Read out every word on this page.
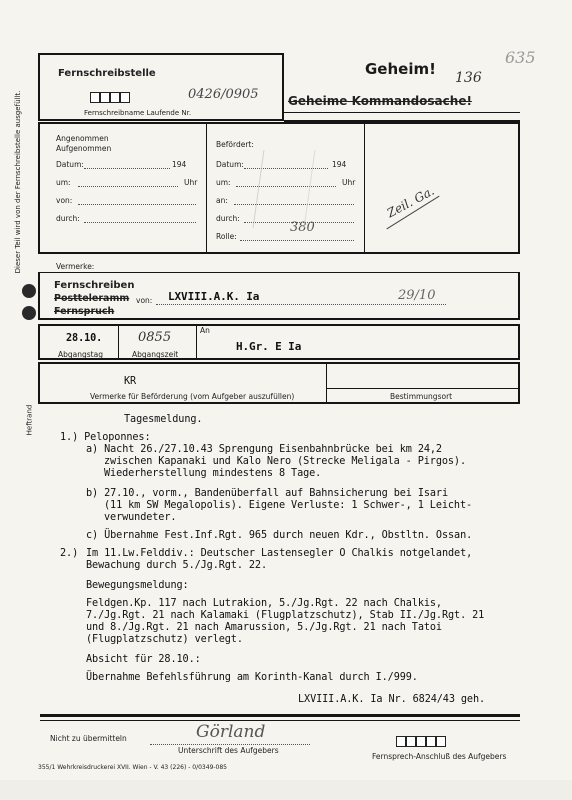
Dieser Teil wird von der Fernschreibstelle ausgefüllt.
Fernschreibstelle
0426/0905
Fernschreibname Laufende Nr.
Geheim! 136
635
Geheime Kommandosache!
Angenommen
Aufgenommen
Datum:	194
um:	Uhr
von:
durch:
Befördert:
Datum:	194
um:	Uhr
an:
durch:
Rolle:
380
Zeil. Ga.
Vermerke:
Fernschreiben
Postteleramm
Fernspruch
von: LXVIII.A.K. Ia	29/10
28.10.
Abgangstag
0855
Abgangszeit
An
H.Gr. E Ia
KR
Vermerke für Beförderung (vom Aufgeber auszufüllen)	Bestimmungsort
Heftrand	Tagesmeldung.
1.) Peloponnes:
a) Nacht 26./27.10.43 Sprengung Eisenbahnbrücke bei km 24,2
zwischen Kapanaki und Kalo Nero (Strecke Meligala - Pirgos).
Wiederherstellung mindestens 8 Tage.
b) 27.10., vorm., Bandenüberfall auf Bahnsicherung bei Isari
(11 km SW Megalopolis). Eigene Verluste: 1 Schwer-, 1 Leicht-
verwundeter.
c) Übernahme Fest.Inf.Rgt. 965 durch neuen Kdr., Obstltn. Ossan.
2.) Im 11.Lw.Felddiv.: Deutscher Lastensegler O Chalkis notgelandet,
Bewachung durch 5./Jg.Rgt. 22.
Bewegungsmeldung:
Feldgen.Kp. 117 nach Lutrakion, 5./Jg.Rgt. 22 nach Chalkis,
7./Jg.Rgt. 21 nach Kalamaki (Flugplatzschutz), Stab II./Jg.Rgt. 21
und 8./Jg.Rgt. 21 nach Amarussion, 5./Jg.Rgt. 21 nach Tatoi
(Flugplatzschutz) verlegt.
Absicht für 28.10.:
Übernahme Befehlsführung am Korinth-Kanal durch I./999.
LXVIII.A.K. Ia Nr. 6824/43 geh.
Nicht zu übermitteln	Görland
Unterschrift des Aufgebers
Fernsprech-Anschluß des Aufgebers
355/1 Wehrkreisdruckerei XVII. Wien - V. 43 (226) - 0/0349-085
